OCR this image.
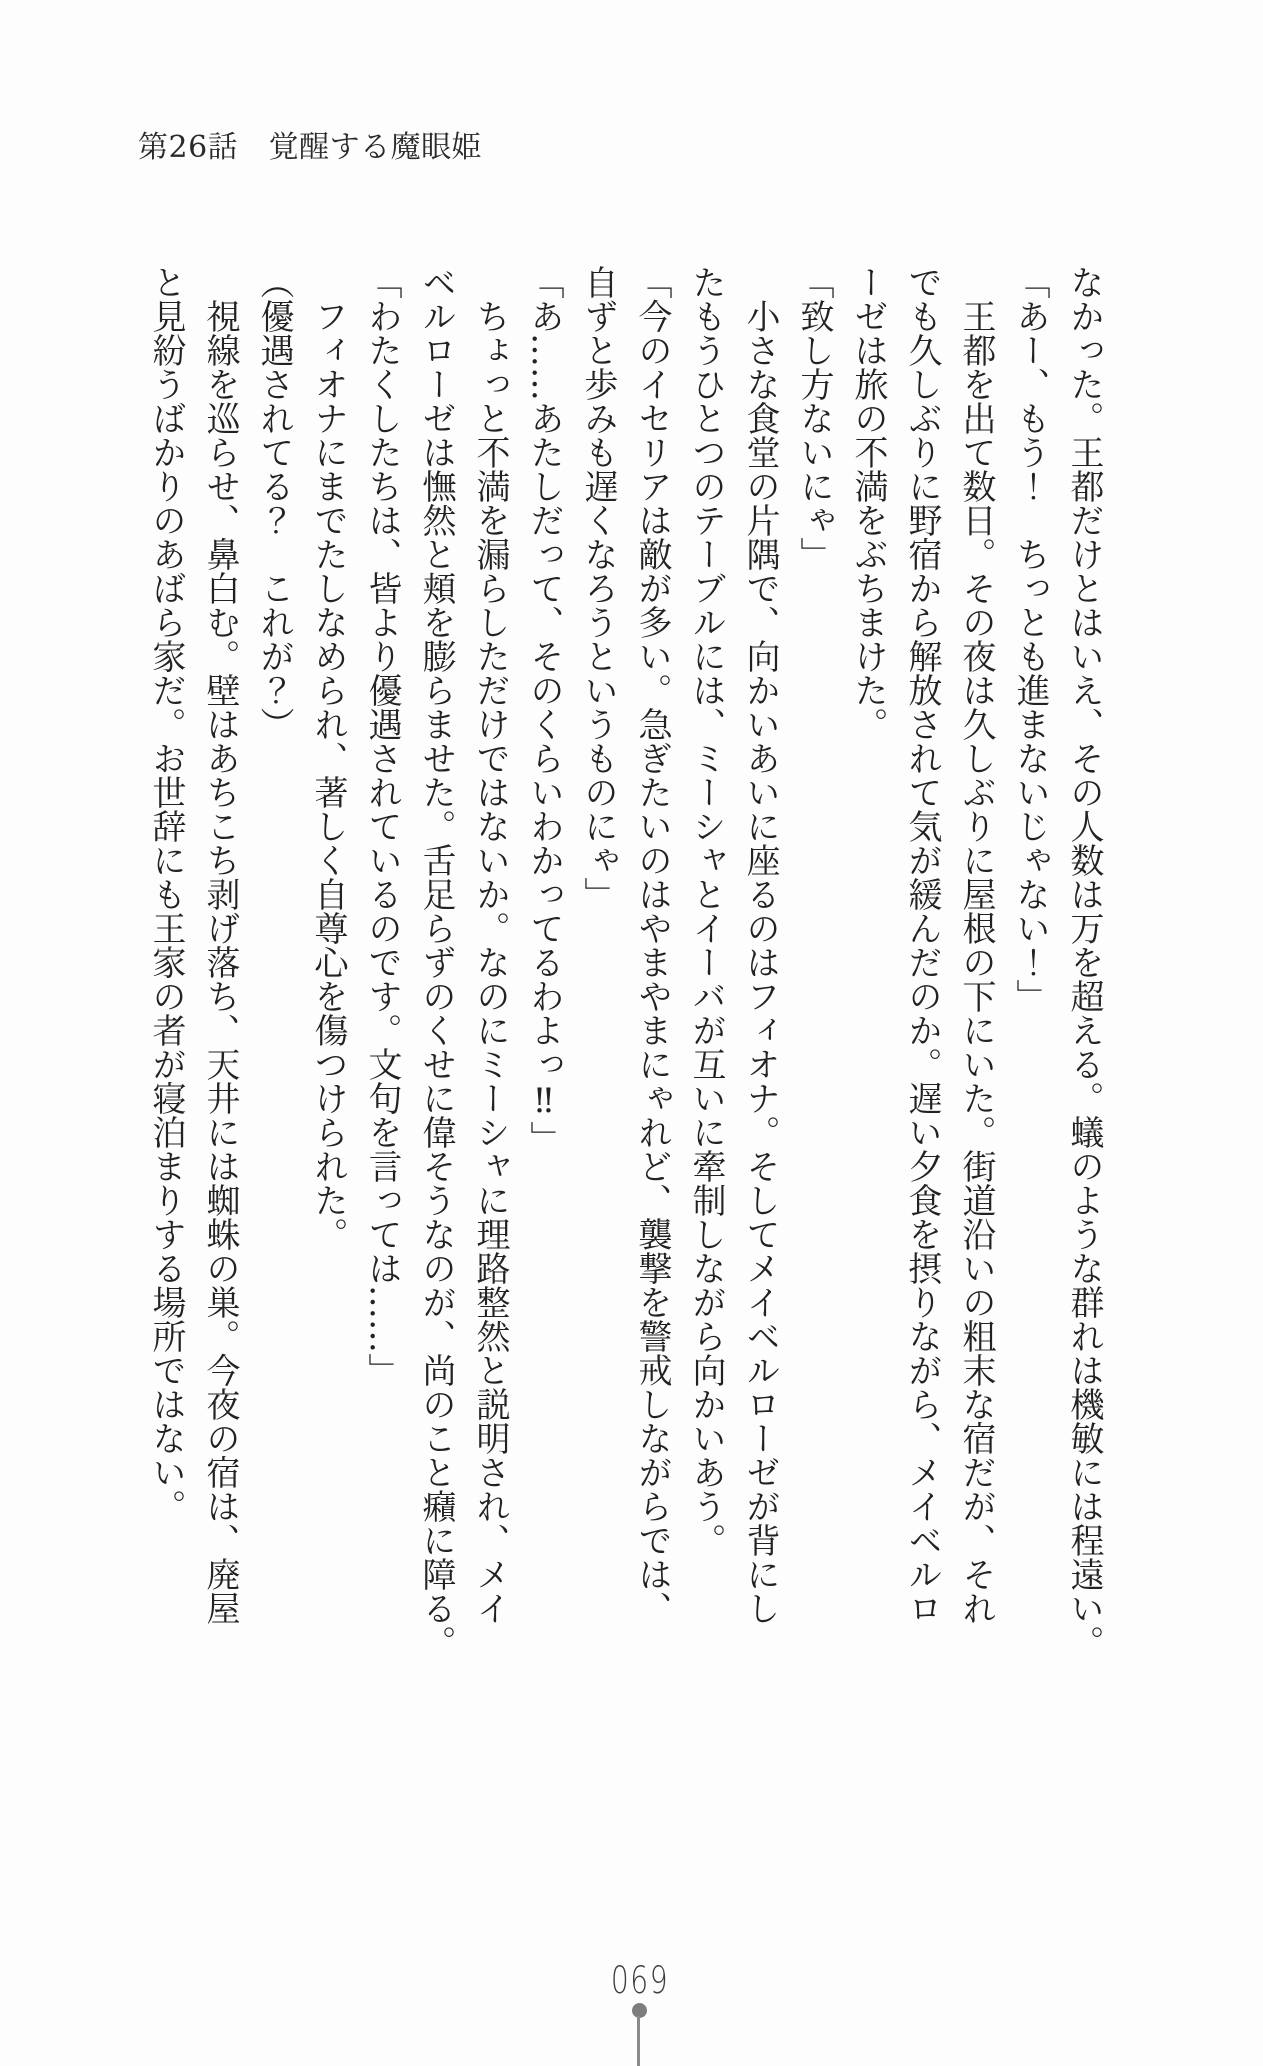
第26話　覚醒する魔眼姫

なかった。王都だけとはいえ、その人数は万を超える。蟻のような群れは機敏には程遠い。

「あー、もう！　ちっとも進まないじゃない！」

　王都を出て数日。その夜は久しぶりに屋根の下にいた。街道沿いの粗末な宿だが、それ

でも久しぶりに野宿から解放されて気が緩んだのか。遅い夕食を摂りながら、メイベルロ

ーゼは旅の不満をぶちまけた。

「致し方ないにゃ」

　小さな食堂の片隅で、向かいあいに座るのはフィオナ。そしてメイベルローゼが背にし

たもうひとつのテーブルには、ミーシャとイーバが互いに牽制しながら向かいあう。

「今のイセリアは敵が多い。急ぎたいのはやまやまにゃれど、襲撃を警戒しながらでは、

自ずと歩みも遅くなろうというものにゃ」

「あ……あたしだって、そのくらいわかってるわよっ‼」

　ちょっと不満を漏らしただけではないか。なのにミーシャに理路整然と説明され、メイ

ベルローゼは憮然と頬を膨らませた。舌足らずのくせに偉そうなのが、尚のこと癪に障る。

「わたくしたちは、皆より優遇されているのです。文句を言っては……」

　フィオナにまでたしなめられ、著しく自尊心を傷つけられた。

（優遇されてる？　これが？）

　視線を巡らせ、鼻白む。壁はあちこち剥げ落ち、天井には蜘蛛の巣。今夜の宿は、廃屋

と見紛うばかりのあばら家だ。お世辞にも王家の者が寝泊まりする場所ではない。

069
